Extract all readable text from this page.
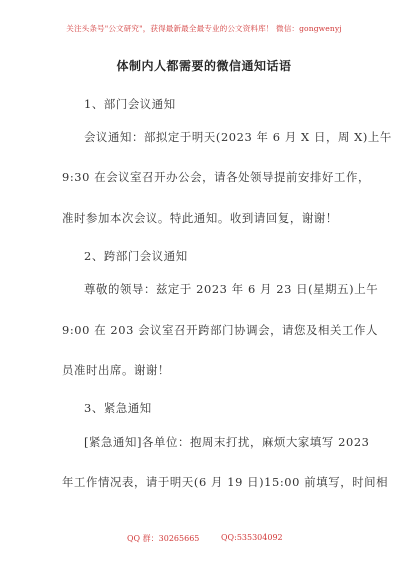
关注头条号"公文研究"，获得最新最全最专业的公文资料库！ 微信：gongwenyj
体制内人都需要的微信通知话语
1、部门会议通知
会议通知：部拟定于明天(2023 年 6 月 X 日，周 X)上午
9:30 在会议室召开办公会，请各处领导提前安排好工作，
准时参加本次会议。特此通知。收到请回复，谢谢！
2、跨部门会议通知
尊敬的领导：兹定于 2023 年 6 月 23 日(星期五)上午
9:00 在 203 会议室召开跨部门协调会，请您及相关工作人
员准时出席。谢谢！
3、紧急通知
[紧急通知]各单位：抱周末打扰，麻烦大家填写 2023
年工作情况表，请于明天(6 月 19 日)15:00 前填写，时间相
QQ 群：30265665	QQ:535304092
